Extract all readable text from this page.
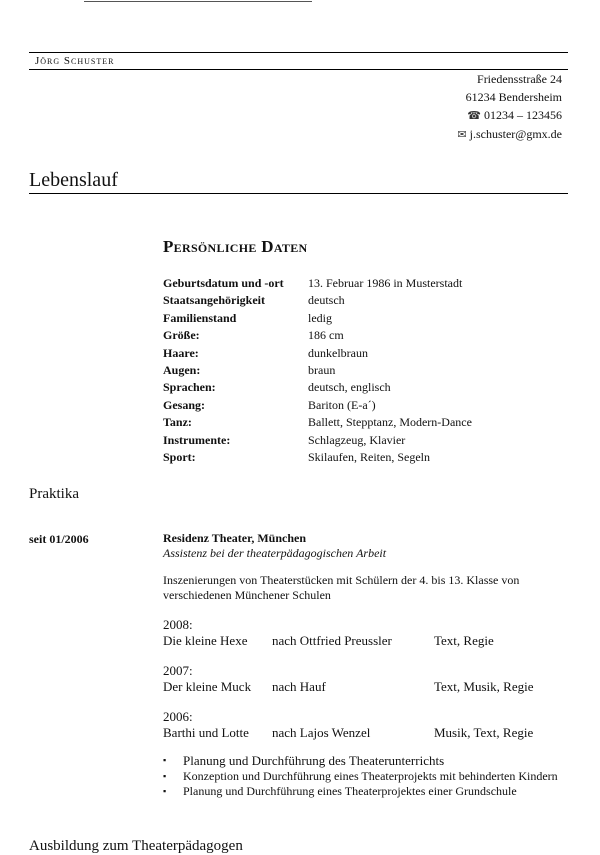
Jörg Schuster
Friedensstraße 24
61234 Bendersheim
☎ 01234 – 123456
✉ j.schuster@gmx.de
Lebenslauf
Persönliche Daten
Geburtsdatum und -ort	13. Februar 1986 in Musterstadt
Staatsangehörigkeit	deutsch
Familienstand	ledig
Größe:	186 cm
Haare:	dunkelbraun
Augen:	braun
Sprachen:	deutsch, englisch
Gesang:	Bariton (E-a´)
Tanz:	Ballett, Stepptanz, Modern-Dance
Instrumente:	Schlagzeug, Klavier
Sport:	Skilaufen, Reiten, Segeln
Praktika
seit 01/2006	Residenz Theater, München
Assistenz bei der theaterpädagogischen Arbeit
Inszenierungen von Theaterstücken mit Schülern der 4. bis 13. Klasse von verschiedenen Münchener Schulen
2008:
Die kleine Hexe	nach Ottfried Preussler	Text, Regie
2007:
Der kleine Muck	nach Hauf	Text, Musik, Regie
2006:
Barthi und Lotte	nach Lajos Wenzel	Musik, Text, Regie
▪ Planung und Durchführung des Theaterunterrichts
▪ Konzeption und Durchführung eines Theaterprojekts mit behinderten Kindern
▪ Planung und Durchführung eines Theaterprojektes einer Grundschule
Ausbildung zum Theaterpädagogen
